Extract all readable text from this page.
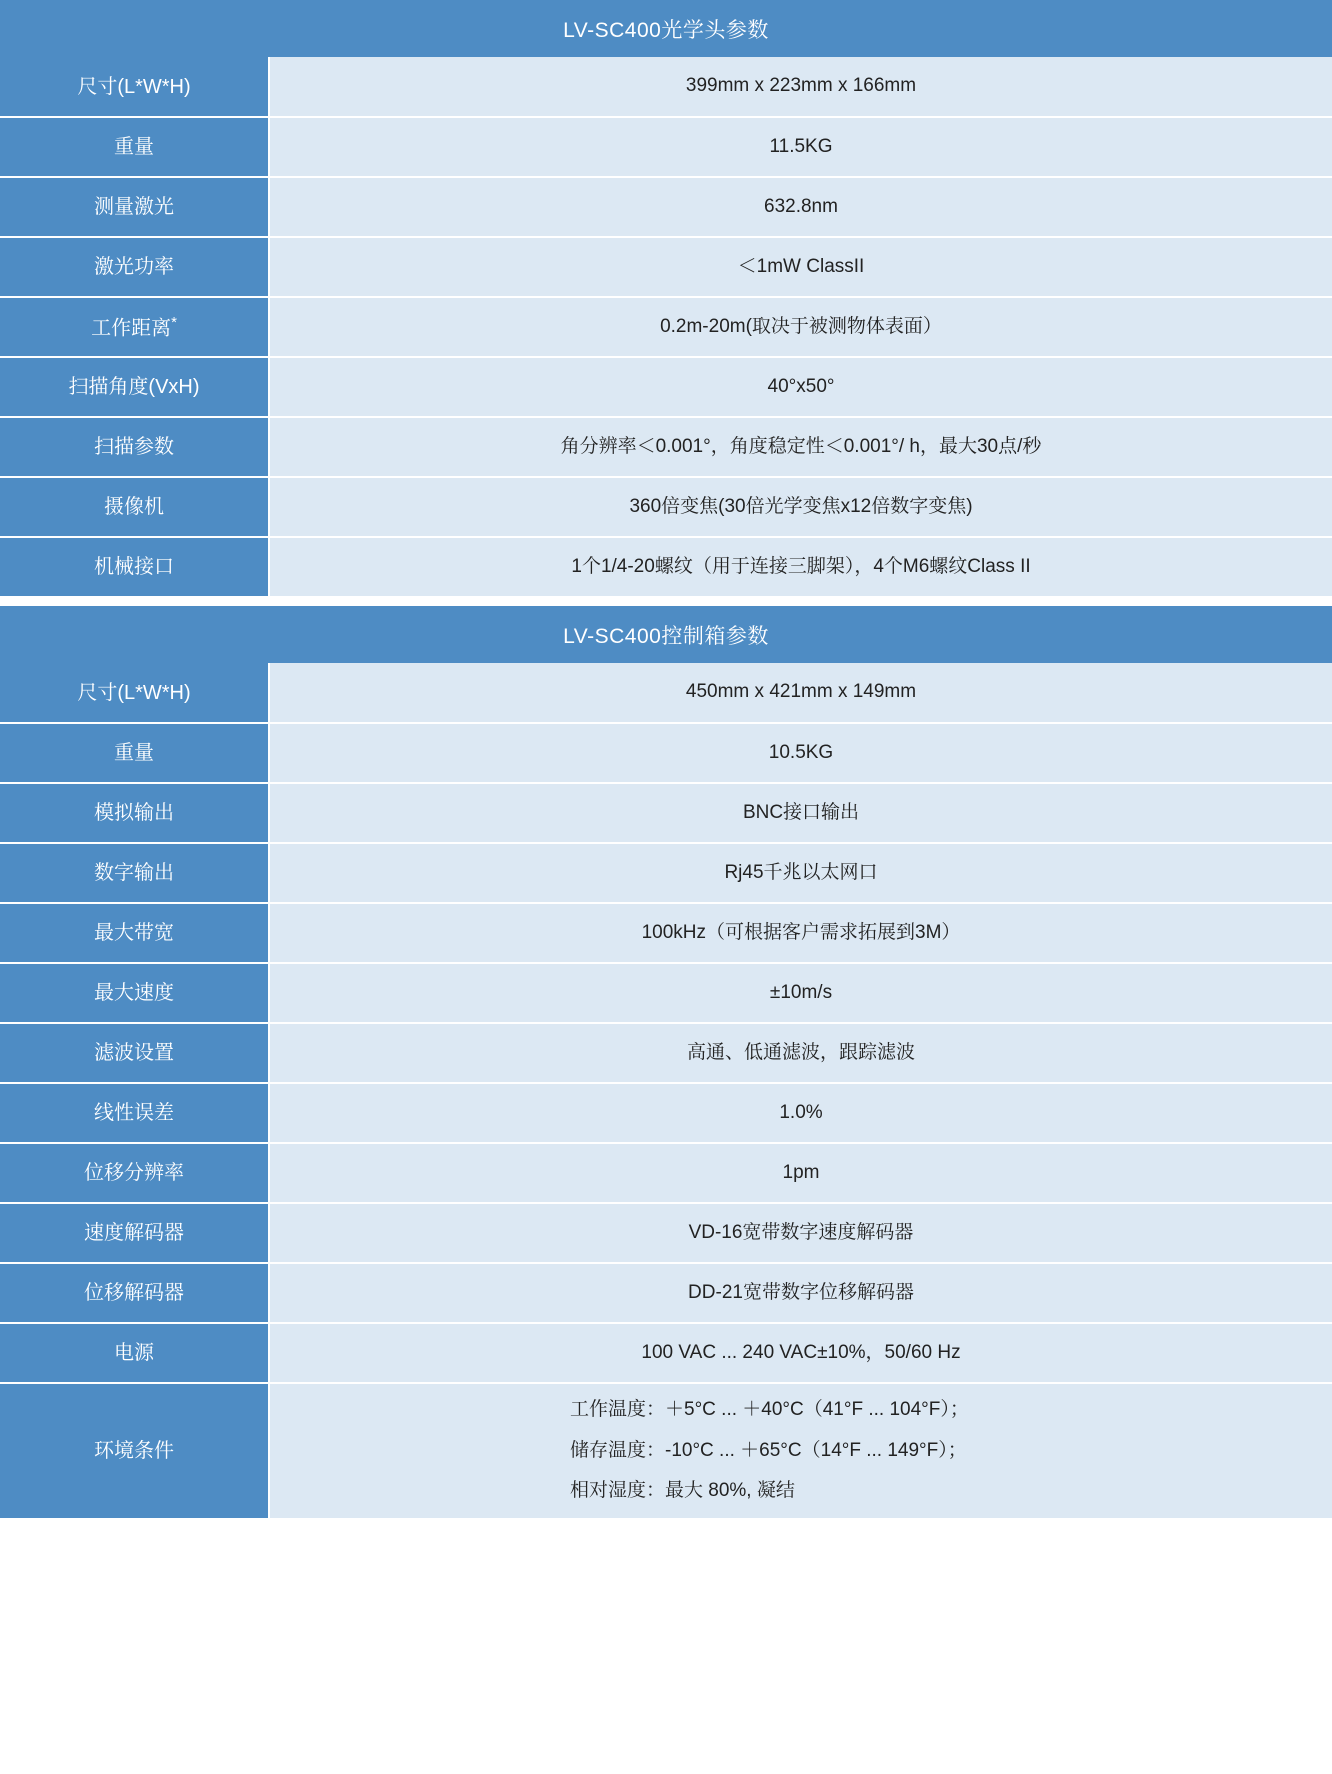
LV-SC400光学头参数
尺寸(L*W*H)	399mm x 223mm x 166mm
重量	11.5KG
测量激光	632.8nm
激光功率	＜1mW ClassII
工作距离*	0.2m-20m(取决于被测物体表面）
扫描角度(VxH)	40°x50°
扫描参数	角分辨率＜0.001°，角度稳定性＜0.001°/ h，最大30点/秒
摄像机	360倍变焦(30倍光学变焦x12倍数字变焦)
机械接口	1个1/4-20螺纹（用于连接三脚架），4个M6螺纹Class II
LV-SC400控制箱参数
尺寸(L*W*H)	450mm x 421mm x 149mm
重量	10.5KG
模拟输出	BNC接口输出
数字输出	Rj45千兆以太网口
最大带宽	100kHz（可根据客户需求拓展到3M）
最大速度	±10m/s
滤波设置	高通、低通滤波，跟踪滤波
线性误差	1.0%
位移分辨率	1pm
速度解码器	VD-16宽带数字速度解码器
位移解码器	DD-21宽带数字位移解码器
电源	100 VAC ... 240 VAC±10%，50/60 Hz
环境条件	工作温度：＋5°C ... ＋40°C（41°F ... 104°F）；
储存温度：-10°C ... ＋65°C（14°F ... 149°F）；
相对湿度：最大 80%, 凝结
